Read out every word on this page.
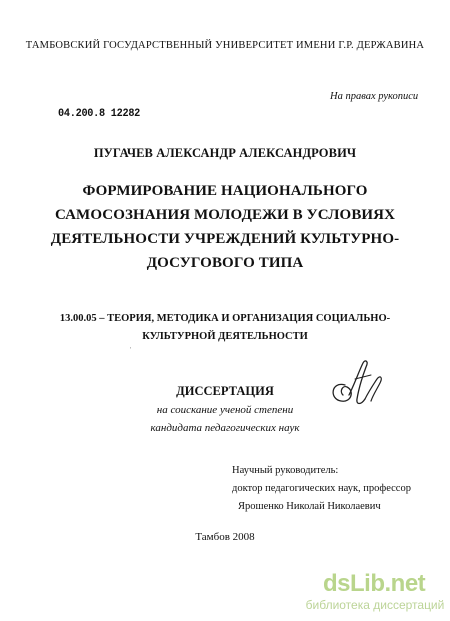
ТАМБОВСКИЙ ГОСУДАРСТВЕННЫЙ УНИВЕРСИТЕТ ИМЕНИ Г.Р. ДЕРЖАВИНА
На правах рукописи
04.200.8 12282
ПУГАЧЕВ АЛЕКСАНДР АЛЕКСАНДРОВИЧ
ФОРМИРОВАНИЕ НАЦИОНАЛЬНОГО
САМОСОЗНАНИЯ МОЛОДЕЖИ В УСЛОВИЯХ
ДЕЯТЕЛЬНОСТИ УЧРЕЖДЕНИЙ КУЛЬТУРНО-
ДОСУГОВОГО ТИПА
13.00.05 – ТЕОРИЯ, МЕТОДИКА И ОРГАНИЗАЦИЯ СОЦИАЛЬНО-
КУЛЬТУРНОЙ ДЕЯТЕЛЬНОСТИ
ˈ
ДИССЕРТАЦИЯ
на соискание ученой степени
кандидата педагогических наук
Научный руководитель:
доктор педагогических наук, профессор
Ярошенко Николай Николаевич
Тамбов 2008
dsLib.net
библиотека диссертаций
